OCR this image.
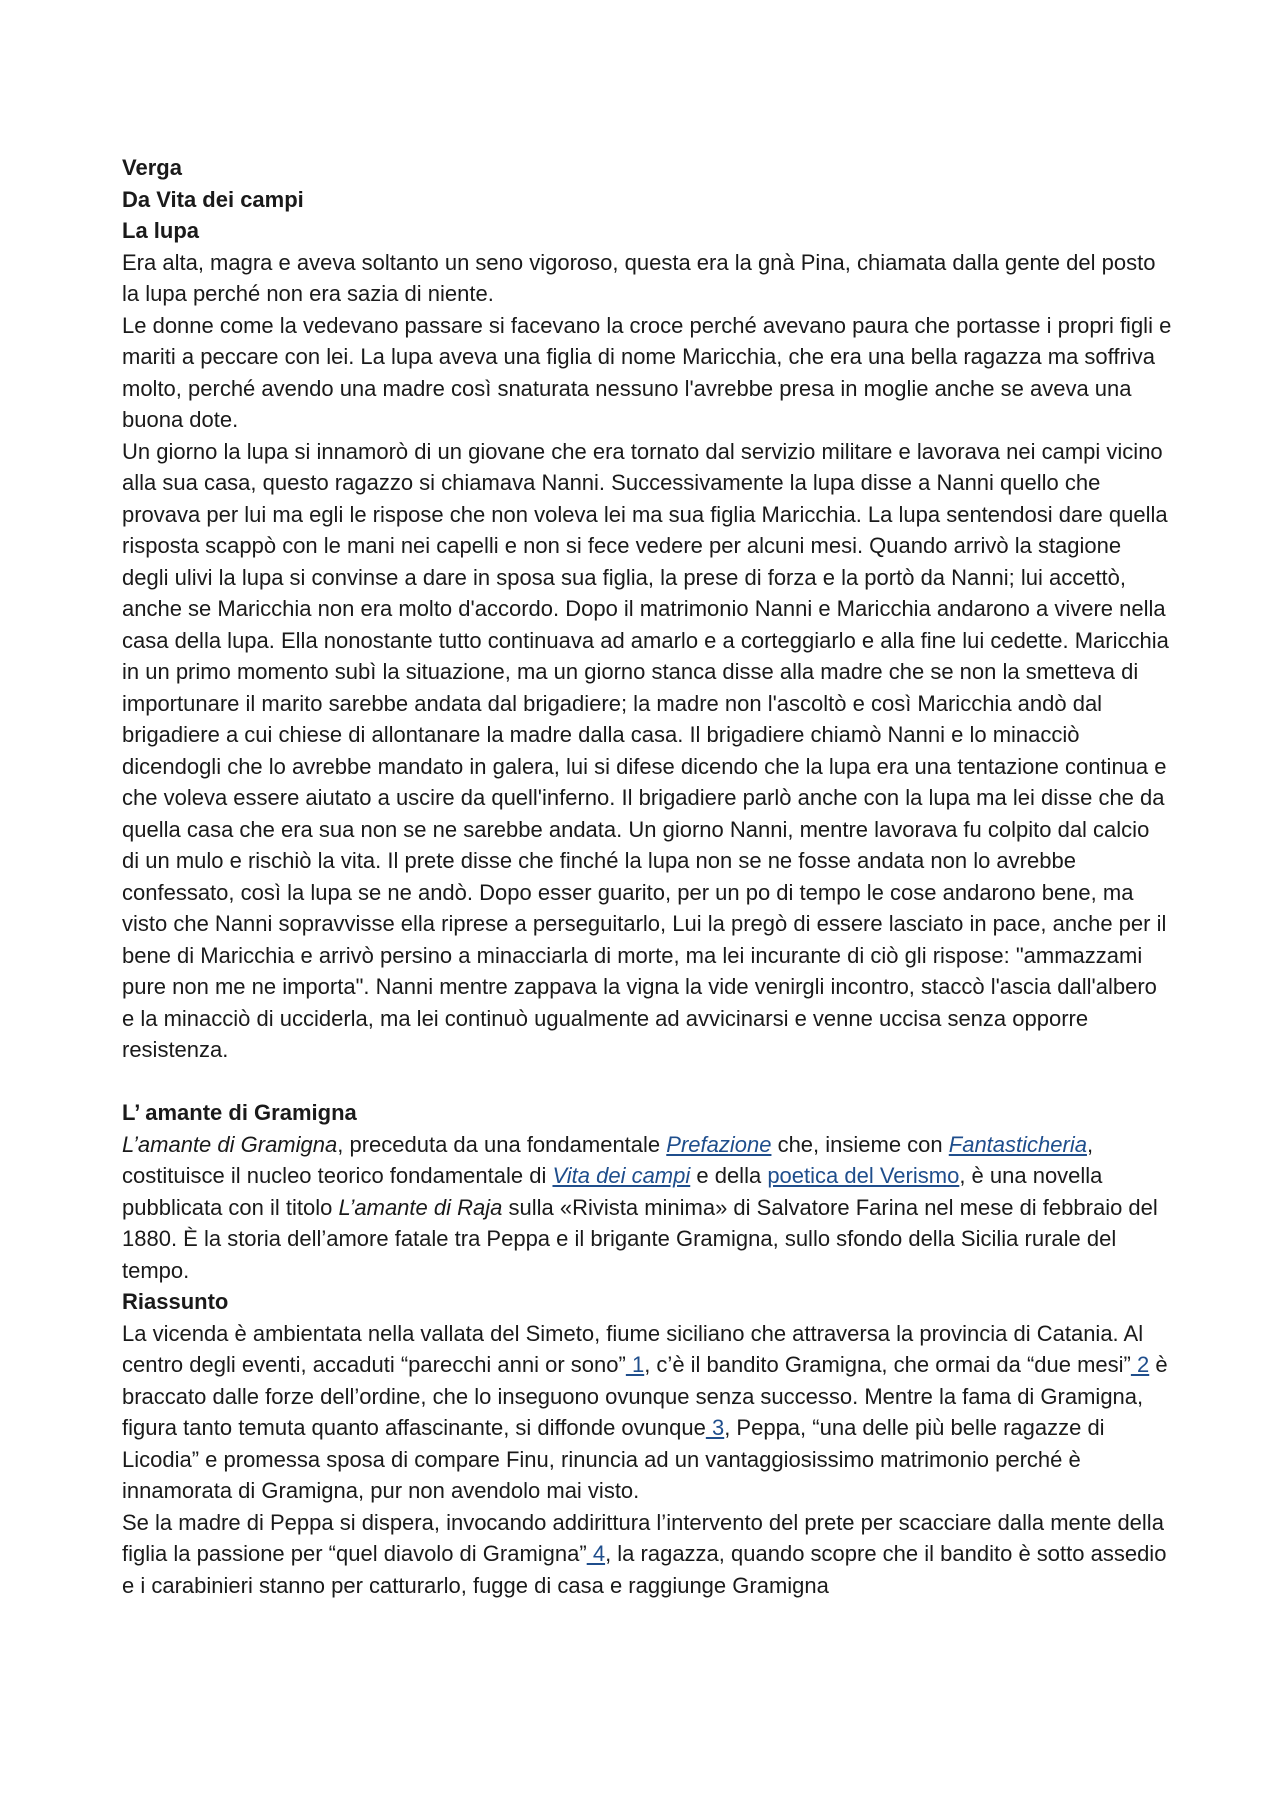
Verga

Da Vita dei campi

La lupa

Era alta, magra e aveva soltanto un seno vigoroso, questa era la gnà Pina, chiamata dalla gente del posto la lupa perché non era sazia di niente.

Le donne come la vedevano passare si facevano la croce perché avevano paura che portasse i propri figli e mariti a peccare con lei. La lupa aveva una figlia di nome Maricchia, che era una bella ragazza ma soffriva molto, perché avendo una madre così snaturata nessuno l'avrebbe presa in moglie anche se aveva una buona dote.

Un giorno la lupa si innamorò di un giovane che era tornato dal servizio militare e lavorava nei campi vicino alla sua casa, questo ragazzo si chiamava Nanni. Successivamente la lupa disse a Nanni quello che provava per lui ma egli le rispose che non voleva lei ma sua figlia Maricchia. La lupa sentendosi dare quella risposta scappò con le mani nei capelli e non si fece vedere per alcuni mesi. Quando arrivò la stagione degli ulivi la lupa si convinse a dare in sposa sua figlia, la prese di forza e la portò da Nanni; lui accettò, anche se Maricchia non era molto d'accordo. Dopo il matrimonio Nanni e Maricchia andarono a vivere nella casa della lupa. Ella nonostante tutto continuava ad amarlo e a corteggiarlo e alla fine lui cedette. Maricchia in un primo momento subì la situazione, ma un giorno stanca disse alla madre che se non la smetteva di importunare il marito sarebbe andata dal brigadiere; la madre non l'ascoltò e così Maricchia andò dal brigadiere a cui chiese di allontanare la madre dalla casa. Il brigadiere chiamò Nanni e lo minacciò dicendogli che lo avrebbe mandato in galera, lui si difese dicendo che la lupa era una tentazione continua e che voleva essere aiutato a uscire da quell'inferno. Il brigadiere parlò anche con la lupa ma lei disse che da quella casa che era sua non se ne sarebbe andata. Un giorno Nanni, mentre lavorava fu colpito dal calcio di un mulo e rischiò la vita. Il prete disse che finché la lupa non se ne fosse andata non lo avrebbe confessato, così la lupa se ne andò. Dopo esser guarito, per un po di tempo le cose andarono bene, ma visto che Nanni sopravvisse ella riprese a perseguitarlo, Lui la pregò di essere lasciato in pace, anche per il bene di Maricchia e arrivò persino a minacciarla di morte, ma lei incurante di ciò gli rispose: "ammazzami pure non me ne importa". Nanni mentre zappava la vigna la vide venirgli incontro, staccò l'ascia dall'albero e la minacciò di ucciderla, ma lei continuò ugualmente ad avvicinarsi e venne uccisa senza opporre resistenza.

L’ amante di Gramigna

L’amante di Gramigna, preceduta da una fondamentale Prefazione che, insieme con Fantasticheria, costituisce il nucleo teorico fondamentale di Vita dei campi e della poetica del Verismo, è una novella pubblicata con il titolo L’amante di Raja sulla «Rivista minima» di Salvatore Farina nel mese di febbraio del 1880. È la storia dell’amore fatale tra Peppa e il brigante Gramigna, sullo sfondo della Sicilia rurale del tempo.

Riassunto

La vicenda è ambientata nella vallata del Simeto, fiume siciliano che attraversa la provincia di Catania. Al centro degli eventi, accaduti “parecchi anni or sono” 1, c’è il bandito Gramigna, che ormai da “due mesi” 2 è braccato dalle forze dell’ordine, che lo inseguono ovunque senza successo. Mentre la fama di Gramigna, figura tanto temuta quanto affascinante, si diffonde ovunque 3, Peppa, “una delle più belle ragazze di Licodia” e promessa sposa di compare Finu, rinuncia ad un vantaggiosissimo matrimonio perché è innamorata di Gramigna, pur non avendolo mai visto.

Se la madre di Peppa si dispera, invocando addirittura l’intervento del prete per scacciare dalla mente della figlia la passione per “quel diavolo di Gramigna” 4, la ragazza, quando scopre che il bandito è sotto assedio e i carabinieri stanno per catturarlo, fugge di casa e raggiunge Gramigna
